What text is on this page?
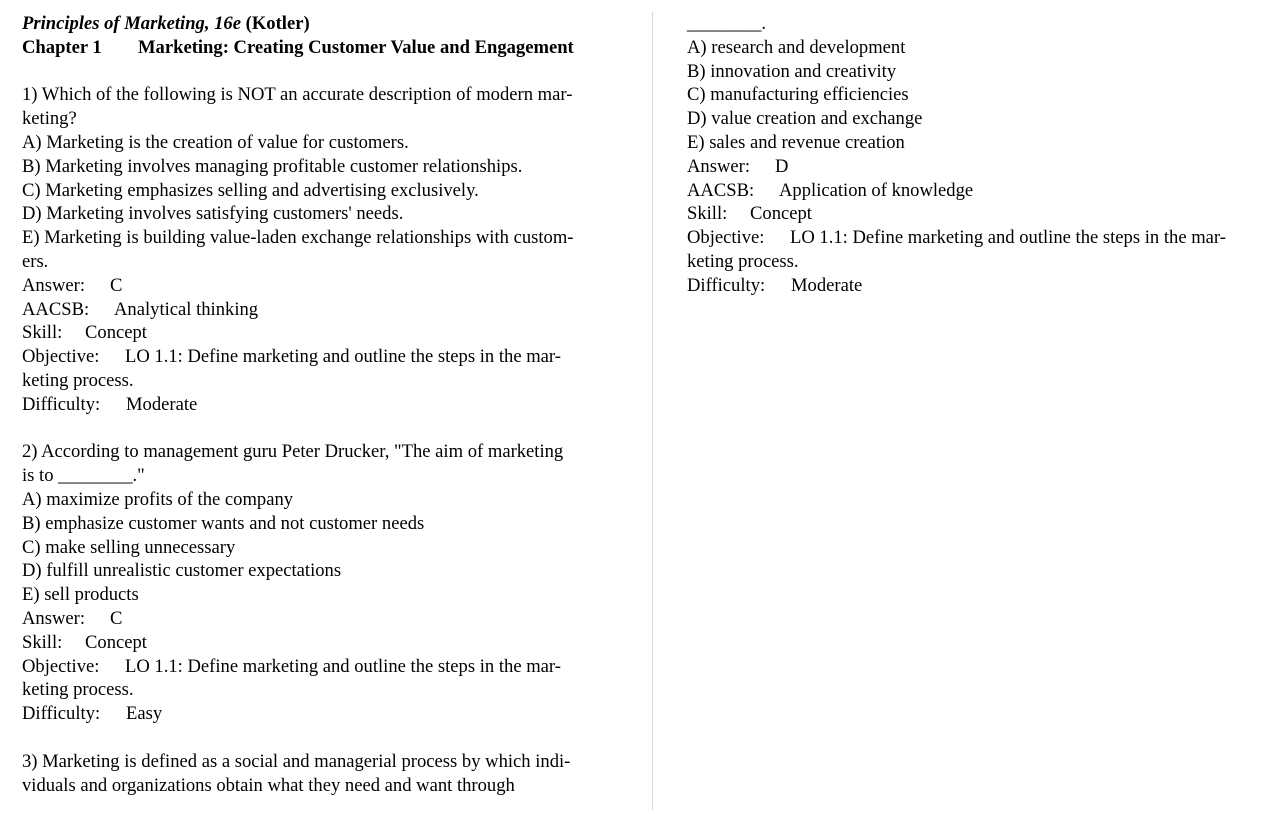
Principles of Marketing, 16e (Kotler)
Chapter 1 Marketing: Creating Customer Value and Engagement
1) Which of the following is NOT an accurate description of modern mar-
keting?
A) Marketing is the creation of value for customers.
B) Marketing involves managing profitable customer relationships.
C) Marketing emphasizes selling and advertising exclusively.
D) Marketing involves satisfying customers' needs.
E) Marketing is building value-laden exchange relationships with custom-
ers.
Answer: C
AACSB: Analytical thinking
Skill: Concept
Objective: LO 1.1: Define marketing and outline the steps in the mar-
keting process.
Difficulty: Moderate
2) According to management guru Peter Drucker, "The aim of marketing
is to ________."
A) maximize profits of the company
B) emphasize customer wants and not customer needs
C) make selling unnecessary
D) fulfill unrealistic customer expectations
E) sell products
Answer: C
Skill: Concept
Objective: LO 1.1: Define marketing and outline the steps in the mar-
keting process.
Difficulty: Easy
3) Marketing is defined as a social and managerial process by which indi-
viduals and organizations obtain what they need and want through
________.
A) research and development
B) innovation and creativity
C) manufacturing efficiencies
D) value creation and exchange
E) sales and revenue creation
Answer: D
AACSB: Application of knowledge
Skill: Concept
Objective: LO 1.1: Define marketing and outline the steps in the mar-
keting process.
Difficulty: Moderate
